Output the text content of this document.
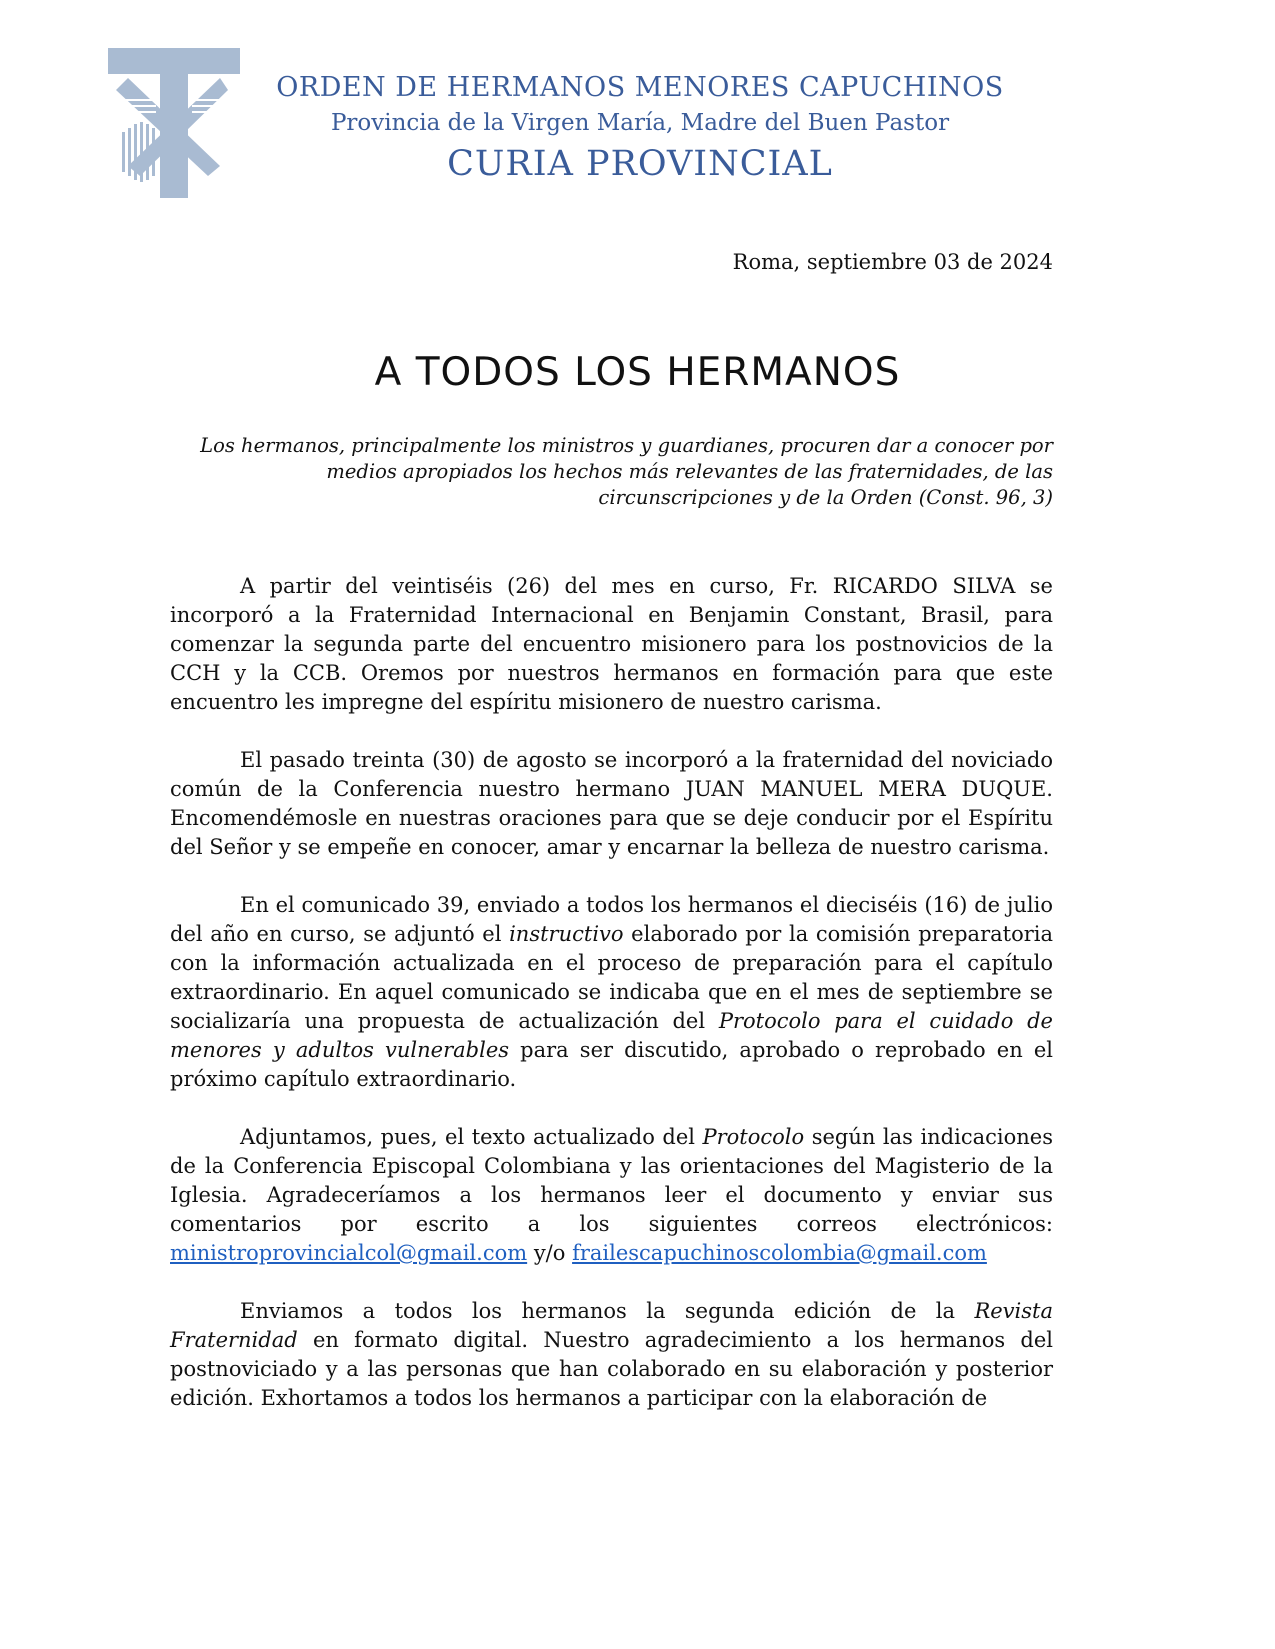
ORDEN DE HERMANOS MENORES CAPUCHINOS
Provincia de la Virgen María, Madre del Buen Pastor
CURIA PROVINCIAL
Roma, septiembre 03 de 2024
A TODOS LOS HERMANOS
Los hermanos, principalmente los ministros y guardianes, procuren dar a conocer por medios apropiados los hechos más relevantes de las fraternidades, de las circunscripciones y de la Orden (Const. 96, 3)

A partir del veintiséis (26) del mes en curso, Fr. RICARDO SILVA se incorporó a la Fraternidad Internacional en Benjamin Constant, Brasil, para comenzar la segunda parte del encuentro misionero para los postnovicios de la CCH y la CCB. Oremos por nuestros hermanos en formación para que este encuentro les impregne del espíritu misionero de nuestro carisma.

El pasado treinta (30) de agosto se incorporó a la fraternidad del noviciado común de la Conferencia nuestro hermano JUAN MANUEL MERA DUQUE. Encomendémosle en nuestras oraciones para que se deje conducir por el Espíritu del Señor y se empeñe en conocer, amar y encarnar la belleza de nuestro carisma.

En el comunicado 39, enviado a todos los hermanos el dieciséis (16) de julio del año en curso, se adjuntó el instructivo elaborado por la comisión preparatoria con la información actualizada en el proceso de preparación para el capítulo extraordinario. En aquel comunicado se indicaba que en el mes de septiembre se socializaría una propuesta de actualización del Protocolo para el cuidado de menores y adultos vulnerables para ser discutido, aprobado o reprobado en el próximo capítulo extraordinario.

Adjuntamos, pues, el texto actualizado del Protocolo según las indicaciones de la Conferencia Episcopal Colombiana y las orientaciones del Magisterio de la Iglesia. Agradeceríamos a los hermanos leer el documento y enviar sus comentarios por escrito a los siguientes correos electrónicos: ministroprovincialcol@gmail.com y/o frailescapuchinoscolombia@gmail.com

Enviamos a todos los hermanos la segunda edición de la Revista Fraternidad en formato digital. Nuestro agradecimiento a los hermanos del postnoviciado y a las personas que han colaborado en su elaboración y posterior edición. Exhortamos a todos los hermanos a participar con la elaboración de
